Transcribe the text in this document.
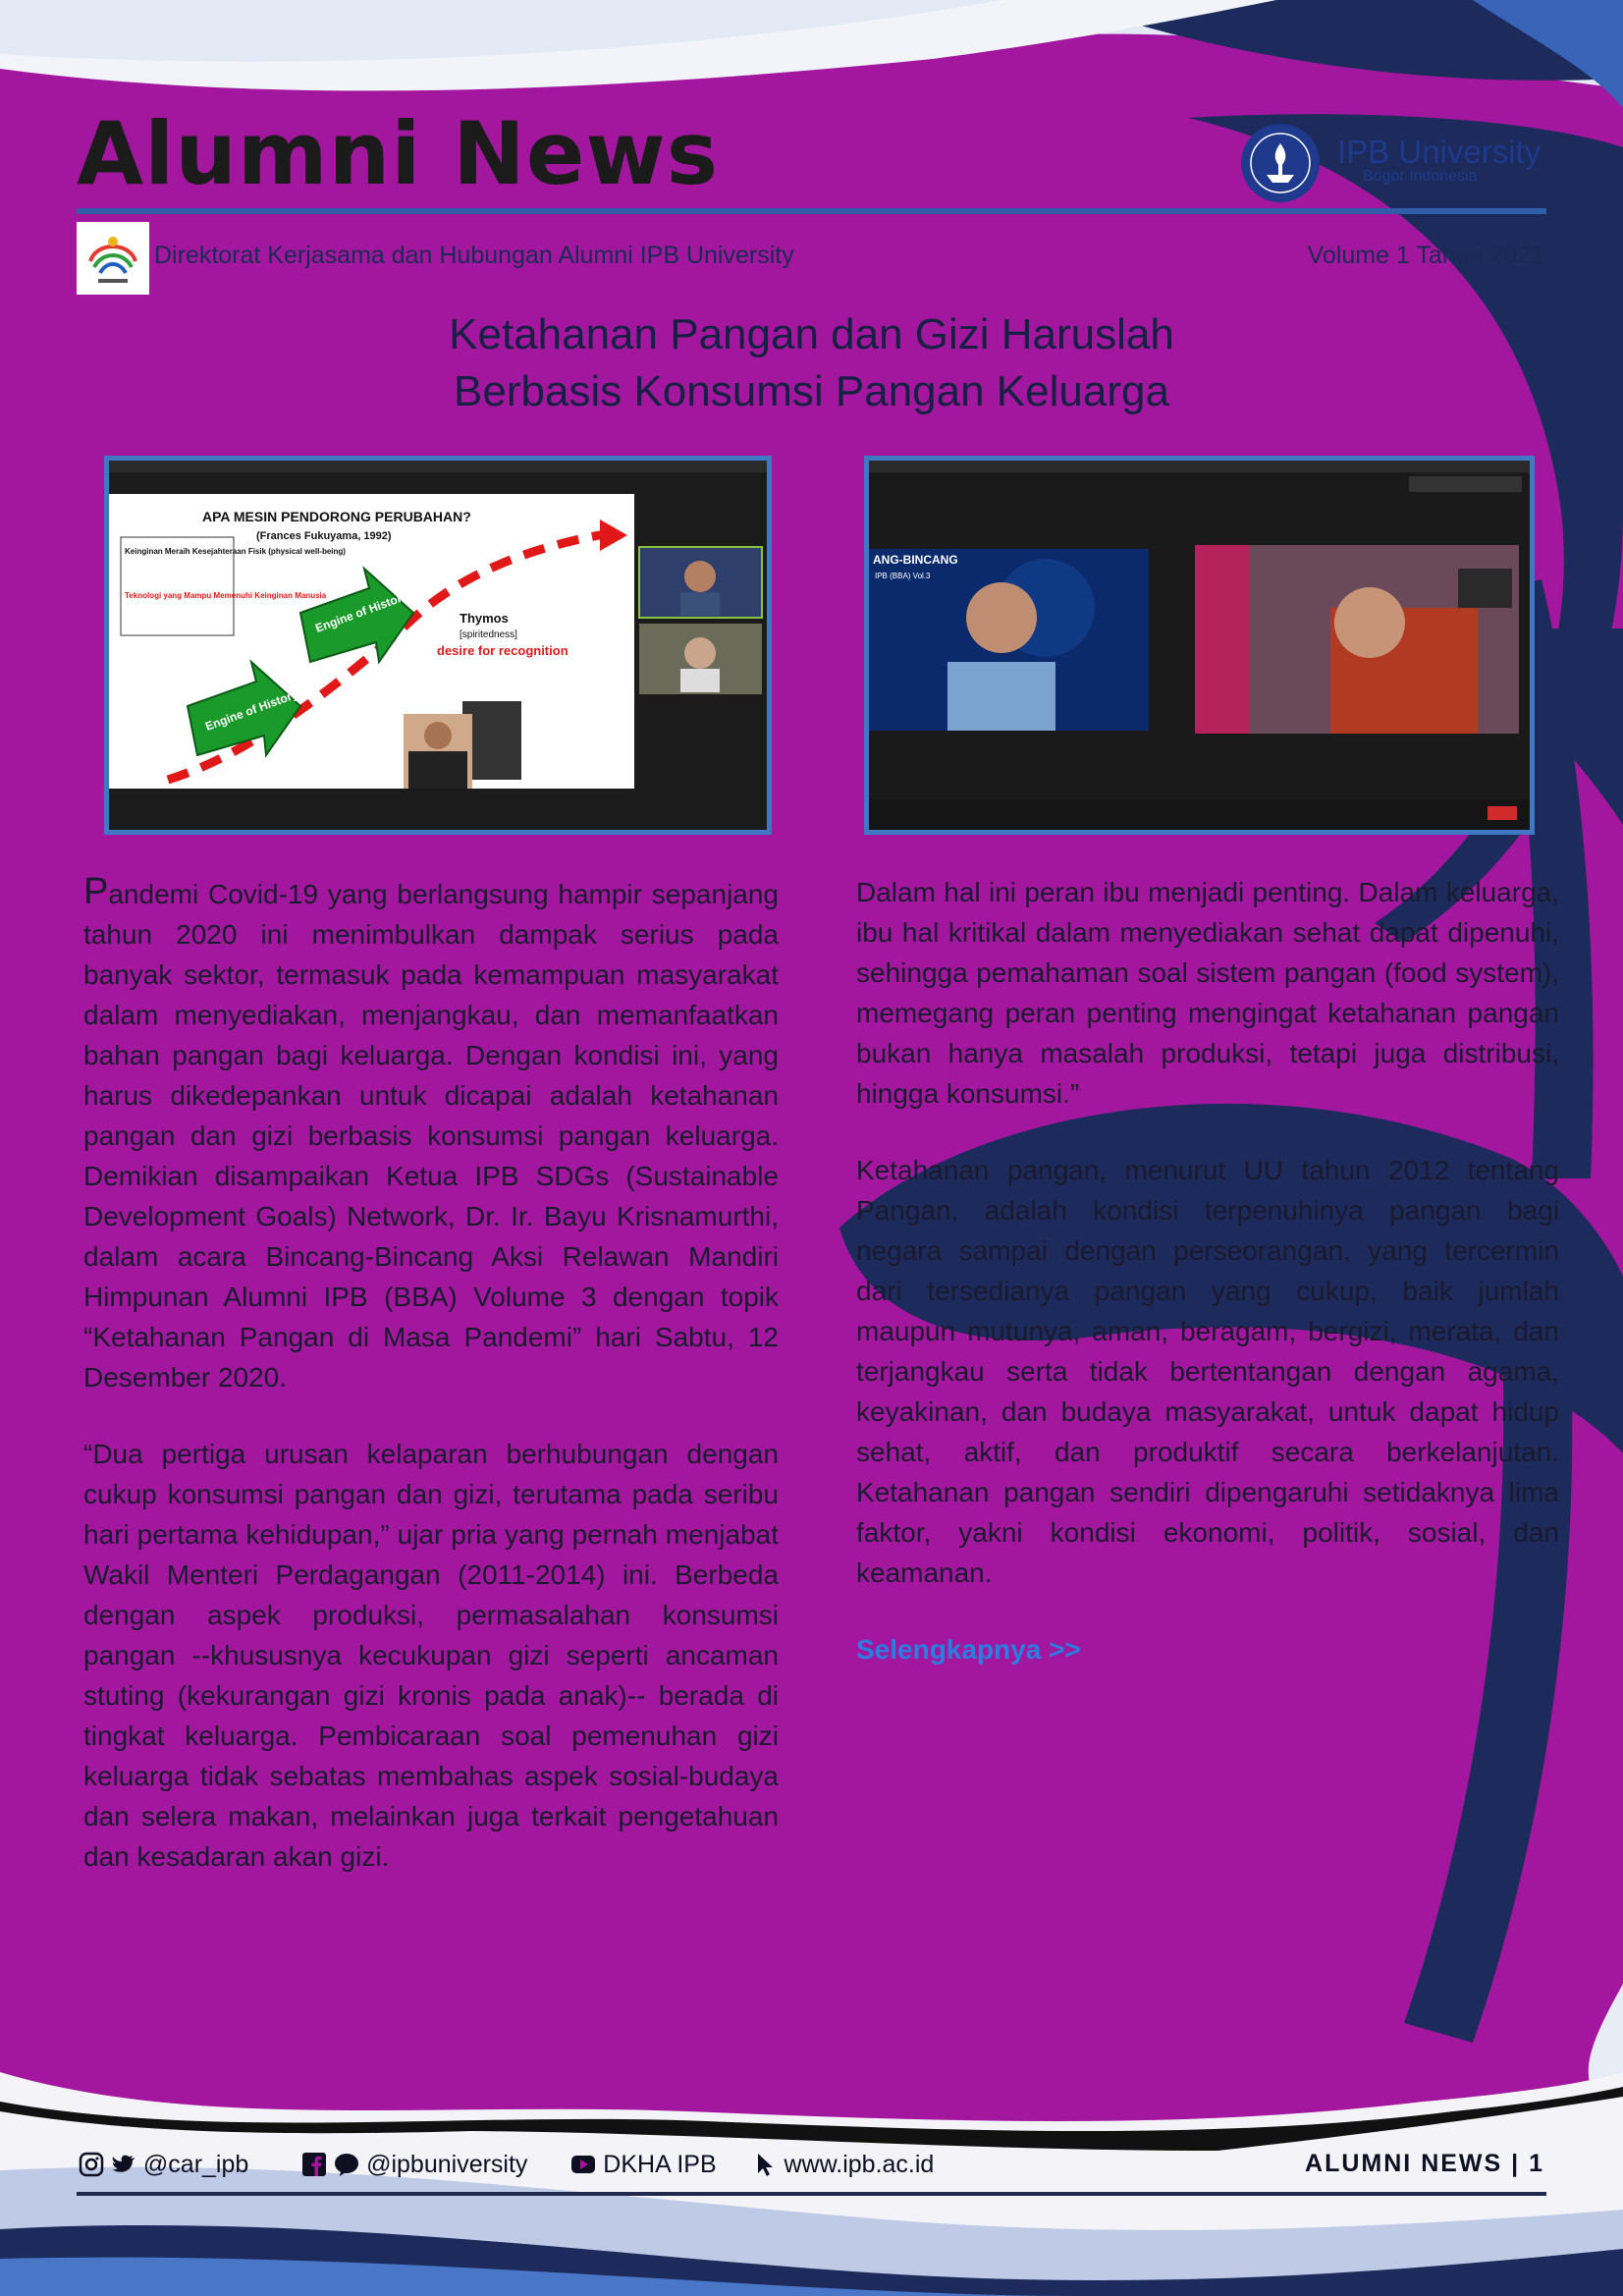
Alumni News	IPB University
Bogor Indonesia
Direktorat Kerjasama dan Hubungan Alumni IPB University	Volume 1 Tahun 2021
Ketahanan Pangan dan Gizi Haruslah
Berbasis Konsumsi Pangan Keluarga
APA MESIN PENDORONG PERUBAHAN?
(Frances Fukuyama, 1992)
Keinginan Meraih Kesejahteraan Fisik (physical well-being)
Teknologi yang Mampu Memenuhi Keinginan Manusia
Engine of History I
Engine of History II	Thymos
[spiritedness]
desire for recognition
ANG-BINCANG
IPB (BBA) Vol.3

Pandemi Covid-19 yang berlangsung hampir sepanjang tahun 2020 ini menimbulkan dampak serius pada banyak sektor, termasuk pada kemampuan masyarakat dalam menyediakan, menjangkau, dan memanfaatkan bahan pangan bagi keluarga. Dengan kondisi ini, yang harus dikedepankan untuk dicapai adalah ketahanan pangan dan gizi berbasis konsumsi pangan keluarga. Demikian disampaikan Ketua IPB SDGs (Sustainable Development Goals) Network, Dr. Ir. Bayu Krisnamurthi, dalam acara Bincang-Bincang Aksi Relawan Mandiri Himpunan Alumni IPB (BBA) Volume 3 dengan topik “Ketahanan Pangan di Masa Pandemi” hari Sabtu, 12 Desember 2020.

“Dua pertiga urusan kelaparan berhubungan dengan cukup konsumsi pangan dan gizi, terutama pada seribu hari pertama kehidupan,” ujar pria yang pernah menjabat Wakil Menteri Perdagangan (2011-2014) ini. Berbeda dengan aspek produksi, permasalahan konsumsi pangan --khususnya kecukupan gizi seperti ancaman stuting (kekurangan gizi kronis pada anak)-- berada di tingkat keluarga. Pembicaraan soal pemenuhan gizi keluarga tidak sebatas membahas aspek sosial-budaya dan selera makan, melainkan juga terkait pengetahuan dan kesadaran akan gizi.

Dalam hal ini peran ibu menjadi penting. Dalam keluarga, ibu hal kritikal dalam menyediakan sehat dapat dipenuhi, sehingga pemahaman soal sistem pangan (food system), memegang peran penting mengingat ketahanan pangan bukan hanya masalah produksi, tetapi juga distribusi, hingga konsumsi.”

Ketahanan pangan, menurut UU tahun 2012 tentang Pangan, adalah kondisi terpenuhinya pangan bagi negara sampai dengan perseorangan, yang tercermin dari tersedianya pangan yang cukup, baik jumlah maupun mutunya, aman, beragam, bergizi, merata, dan terjangkau serta tidak bertentangan dengan agama, keyakinan, dan budaya masyarakat, untuk dapat hidup sehat, aktif, dan produktif secara berkelanjutan. Ketahanan pangan sendiri dipengaruhi setidaknya lima faktor, yakni kondisi ekonomi, politik, sosial, dan keamanan.

Selengkapnya >>
@car_ipb	@ipbuniversity	DKHA IPB	www.ipb.ac.id	ALUMNI NEWS | 1
